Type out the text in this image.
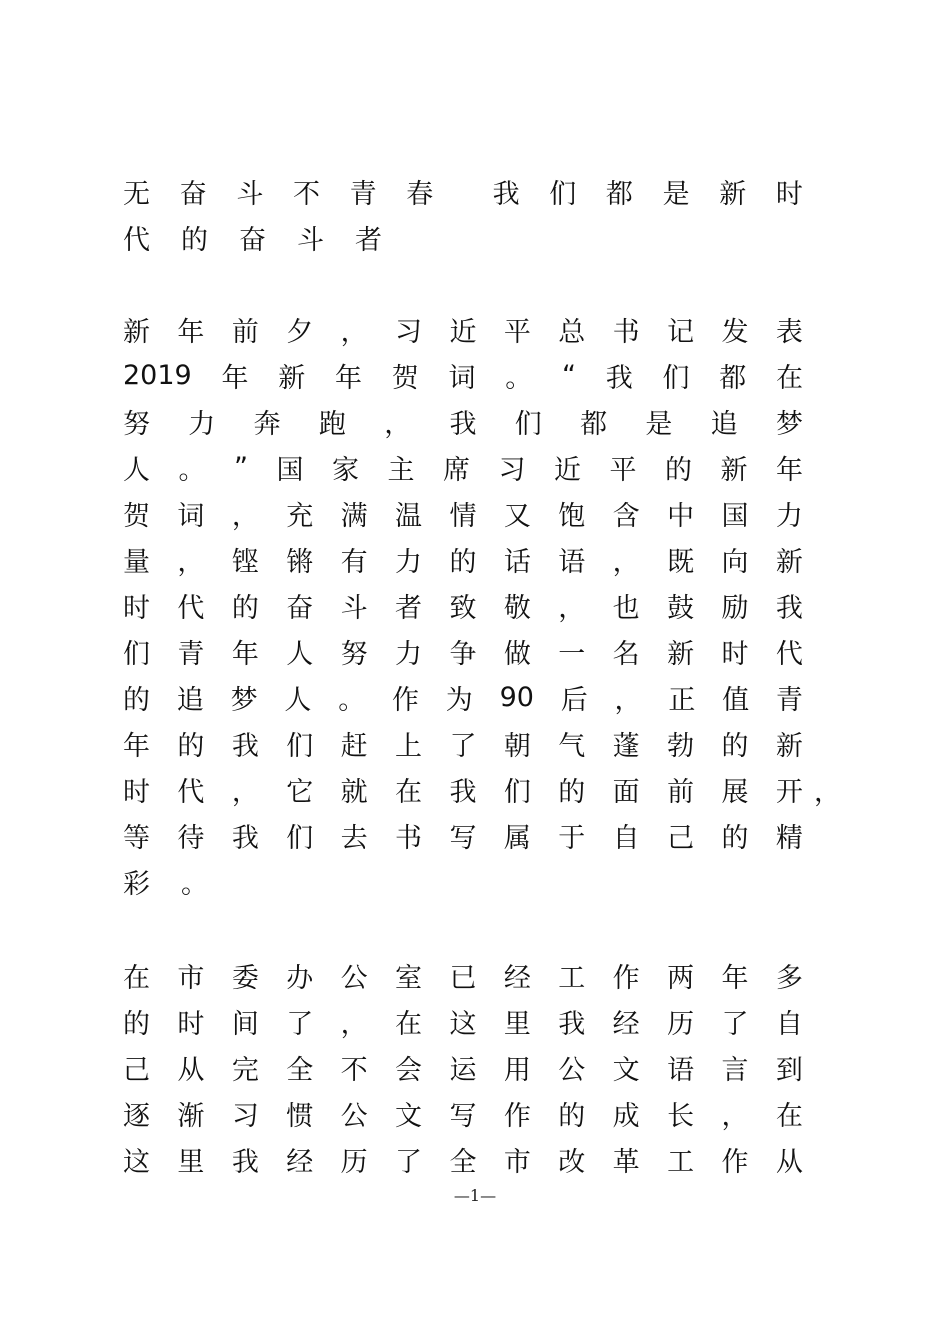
无 奋 斗 不 青 春 我 们 都 是 新 时
代 的 奋 斗 者
新 年 前 夕 ， 习 近 平 总 书 记 发 表
2019 年 新 年 贺 词 。 “ 我 们 都 在
努 力 奔 跑 ， 我 们 都 是 追 梦
人 。 ” 国 家 主 席 习 近 平 的 新 年
贺 词 ， 充 满 温 情 又 饱 含 中 国 力
量 ， 铿 锵 有 力 的 话 语 ， 既 向 新
时 代 的 奋 斗 者 致 敬 ， 也 鼓 励 我
们 青 年 人 努 力 争 做 一 名 新 时 代
的 追 梦 人 。 作 为 90 后 ， 正 值 青
年 的 我 们 赶 上 了 朝 气 蓬 勃 的 新
时 代 ， 它 就 在 我 们 的 面 前 展 开 ，
等 待 我 们 去 书 写 属 于 自 己 的 精
彩 。
在 市 委 办 公 室 已 经 工 作 两 年 多
的 时 间 了 ， 在 这 里 我 经 历 了 自
己 从 完 全 不 会 运 用 公 文 语 言 到
逐 渐 习 惯 公 文 写 作 的 成 长 ， 在
这 里 我 经 历 了 全 市 改 革 工 作 从
—1—
